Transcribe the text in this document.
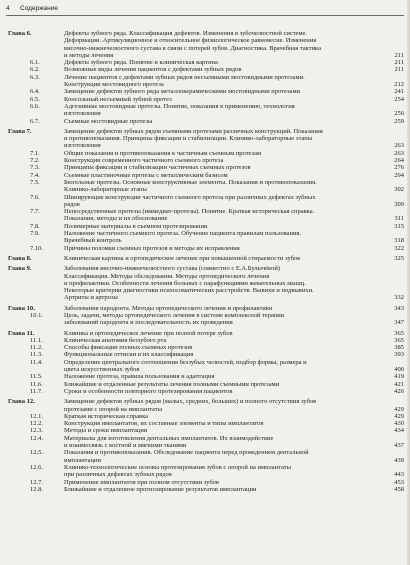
4 Содержание
Глава 6.	Дефекты зубного ряда. Классификация дефектов. Изменения в зубочелюстной системе.
Деформации. Артикуляционное и относительное физиологическое равновесие. Изменения
височно-нижнечелюстного сустава в связи с потерей зубов. Диагностика. Врачебная тактика
и методы лечения	211
6.1.	Дефекты зубного ряда. Понятие и клиническая картина	211
6.2.	Возможные виды лечения пациентов с дефектами зубных рядов	211
6.3.	Лечение пациентов с дефектами зубных рядов несъемными мостовидными протезами.
Конструкции мостовидного протеза	212
6.4.	Замещение дефектов зубного ряда металлокерамическими мостовидными протезами	241
6.5.	Консольный несъемный зубной протез	254
6.6.	Адгезивные мостовидные протезы. Понятие, показания к применению, технология
изготовления	256
6.7.	Съемные мостовидные протезы	259
Глава 7.	Замещение дефектов зубных рядов съемными протезами различных конструкций. Показания
и противопоказания. Принципы фиксации и стабилизации. Клинико-лабораторные этапы
изготовления	263
7.1.	Общие показания и противопоказания к частичным съемным протезам	263
7.2.	Конструкции современного частичного съемного протеза	264
7.3.	Принципы фиксации и стабилизации частичных съемных протезов	276
7.4.	Съемные пластиночные протезы с металлическим базисом	294
7.5.	Бюгельные протезы. Основные конструктивные элементы. Показания и противопоказания.
Клинико-лабораторные этапы	302
7.6.	Шинирующие конструкции частичного съемного протеза при различных дефектах зубных
рядов	309
7.7.	Непосредственные протезы (иммедиат-протезы). Понятие. Краткая историческая справка.
Показания, методы и их обоснование	311
7.8.	Полимерные материалы в съемном протезировании	315
7.9.	Наложение частичного съемного протеза. Обучение пациента правилам пользования.
Врачебный контроль	318
7.10.	Причины поломки съемных протезов и методы их исправления	322
Глава 8.	Клиническая картина и ортопедическое лечение при повышенной стираемости зубов	325
Глава 9.	Заболевания височно-нижнечелюстного сустава (совместно с Е.А.Булычёвой)
Классификация. Методы обследования. Методы ортопедического лечения
и профилактики. Особенности лечения больных с парафункциями жевательных мышц.
Некоторые критерии диагностики психосоматических расстройств. Вывихи и подвывихи.
Артриты и артрозы	332
Глава 10.	Заболевания пародонта. Методы ортопедического лечения и профилактики	343
10.1.	Цель, задачи, методы ортопедического лечения в системе комплексной терапии
заболеваний пародонта и последовательность их проведения	347
Глава 11.	Клиника и ортопедическое лечение при полной потере зубов	365
11.1.	Клиническая анатомия беззубого рта	365
11.2.	Способы фиксации полных съемных протезов	385
11.3.	Функциональные оттиски и их классификация	393
11.4.	Определение центрального соотношения беззубых челюстей, подбор формы, размера и
цвета искусственных зубов	400
11.5.	Наложение протеза, правила пользования и адаптация	419
11.6.	Ближайшие и отдаленные результаты лечения полными съемными протезами	421
11.7.	Сроки и особенности повторного протезирования пациентов	426
Глава 12.	Замещение дефектов зубных рядов (малых, средних, больших) и полного отсутствия зубов
протезами с опорой на имплантаты	429
12.1.	Краткая историческая справка	429
12.2.	Конструкция имплантатов, их составные элементы и типы имплантатов	430
12.3.	Методы и сроки имплантации	434
12.4.	Материалы для изготовления дентальных имплантатов. Их взаимодействие
и взаимосвязь с костной и мягкими тканями	437
12.5.	Показания и противопоказания. Обследование пациента перед проведением дентальной
имплантации	439
12.6.	Клинико-технологические основы протезирования зубов с опорой на имплантаты
при различных дефектах зубных рядов	443
12.7.	Применение имплантатов при полном отсутствии зубов	453
12.8.	Ближайшие и отдаленное прогнозирование результатов имплантации	458
